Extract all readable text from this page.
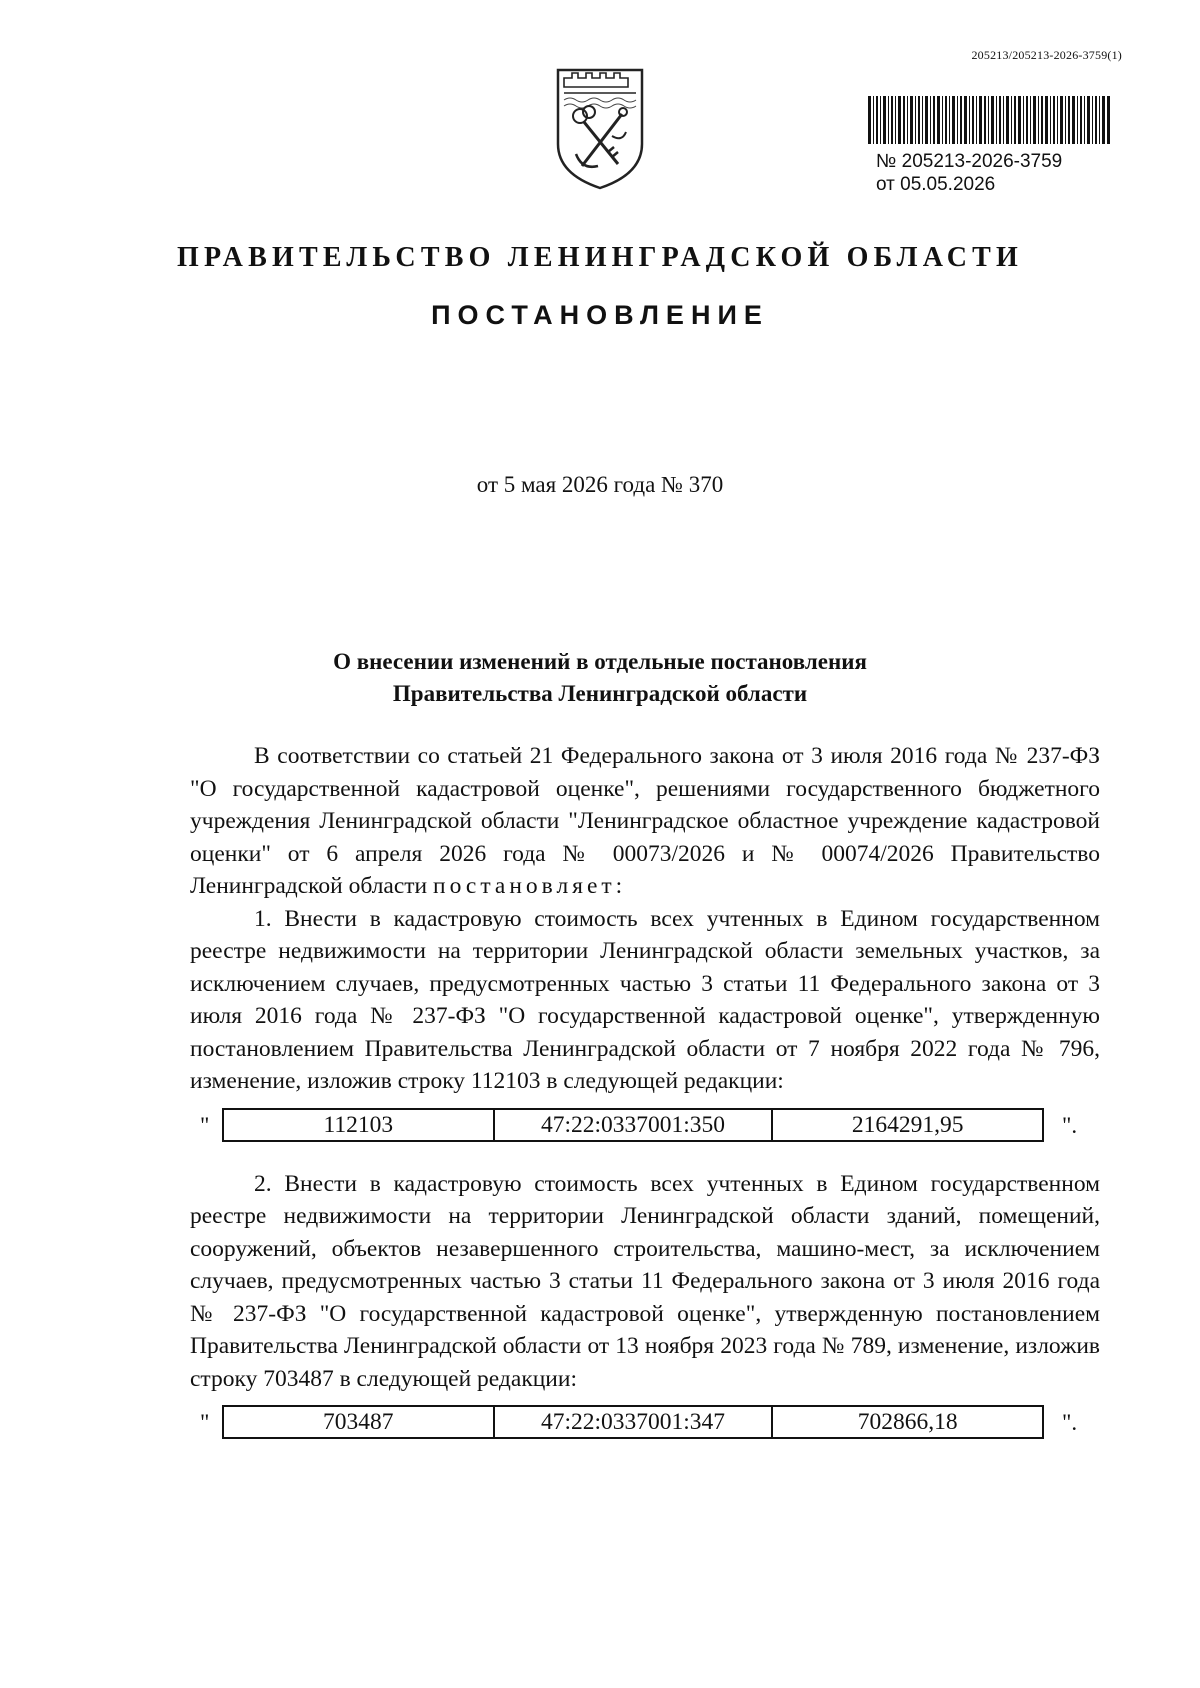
205213/205213-2026-3759(1)
№ 205213-2026-3759
от 05.05.2026
ПРАВИТЕЛЬСТВО ЛЕНИНГРАДСКОЙ ОБЛАСТИ
ПОСТАНОВЛЕНИЕ
от 5 мая 2026 года № 370
О внесении изменений в отдельные постановления
Правительства Ленинградской области

В соответствии со статьей 21 Федерального закона от 3 июля 2016 года № 237-ФЗ "О государственной кадастровой оценке", решениями государственного бюджетного учреждения Ленинградской области "Ленинградское областное учреждение кадастровой оценки" от 6 апреля 2026 года № 00073/2026 и № 00074/2026 Правительство Ленинградской области постановляет:

1. Внести в кадастровую стоимость всех учтенных в Едином государственном реестре недвижимости на территории Ленинградской области земельных участков, за исключением случаев, предусмотренных частью 3 статьи 11 Федерального закона от 3 июля 2016 года № 237-ФЗ "О государственной кадастровой оценке", утвержденную постановлением Правительства Ленинградской области от 7 ноября 2022 года № 796, изменение, изложив строку 112103 в следующей редакции:

"	112103	47:22:0337001:350	2164291,95	".

2. Внести в кадастровую стоимость всех учтенных в Едином государственном реестре недвижимости на территории Ленинградской области зданий, помещений, сооружений, объектов незавершенного строительства, машино-мест, за исключением случаев, предусмотренных частью 3 статьи 11 Федерального закона от 3 июля 2016 года № 237-ФЗ "О государственной кадастровой оценке", утвержденную постановлением Правительства Ленинградской области от 13 ноября 2023 года № 789, изменение, изложив строку 703487 в следующей редакции:

"	703487	47:22:0337001:347	702866,18	".
